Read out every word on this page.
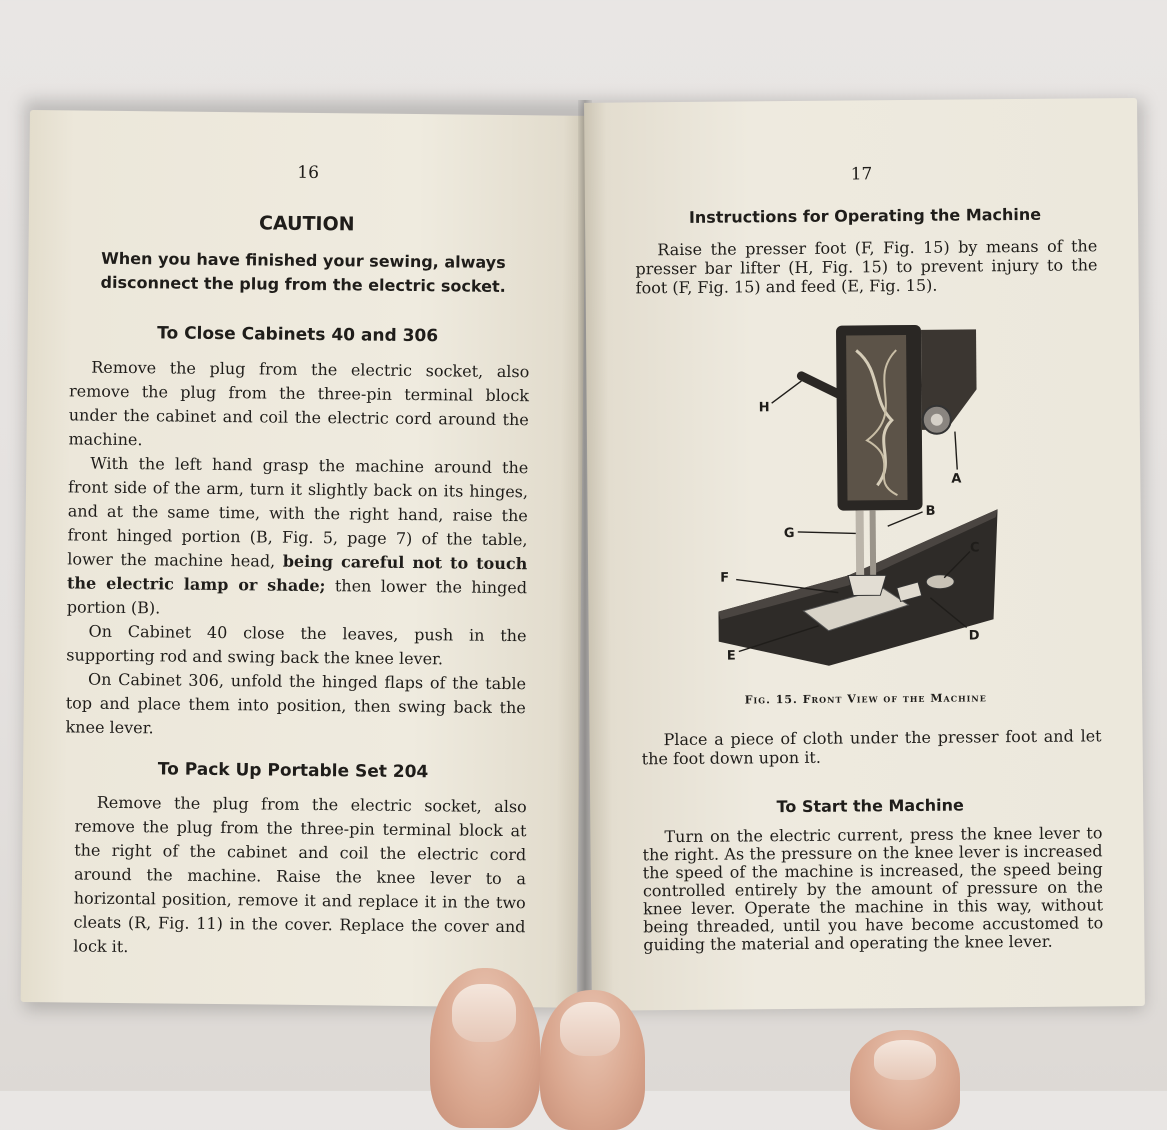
16
CAUTION
When you have finished your sewing, always
disconnect the plug from the electric socket.
To Close Cabinets 40 and 306

Remove the plug from the electric socket, also remove the plug from the three-pin terminal block under the cabinet and coil the electric cord around the machine.

With the left hand grasp the machine around the front side of the arm, turn it slightly back on its hinges, and at the same time, with the right hand, raise the front hinged portion (B, Fig. 5, page 7) of the table, lower the machine head, being careful not to touch the electric lamp or shade; then lower the hinged portion (B).

On Cabinet 40 close the leaves, push in the supporting rod and swing back the knee lever.

On Cabinet 306, unfold the hinged flaps of the table top and place them into position, then swing back the knee lever.

To Pack Up Portable Set 204

Remove the plug from the electric socket, also remove the plug from the three-pin terminal block at the right of the cabinet and coil the electric cord around the machine. Raise the knee lever to a horizontal position, remove it and replace it in the two cleats (R, Fig. 11) in the cover. Replace the cover and lock it.

17
Instructions for Operating the Machine

Raise the presser foot (F, Fig. 15) by means of the presser bar lifter (H, Fig. 15) to prevent injury to the foot (F, Fig. 15) and feed (E, Fig. 15).

H
A
B
G
C
F
D
E
Fig. 15. Front View of the Machine

Place a piece of cloth under the presser foot and let the foot down upon it.

To Start the Machine

Turn on the electric current, press the knee lever to the right. As the pressure on the knee lever is increased the speed of the machine is increased, the speed being controlled entirely by the amount of pressure on the knee lever. Operate the machine in this way, without being threaded, until you have become accustomed to guiding the material and operating the knee lever.
